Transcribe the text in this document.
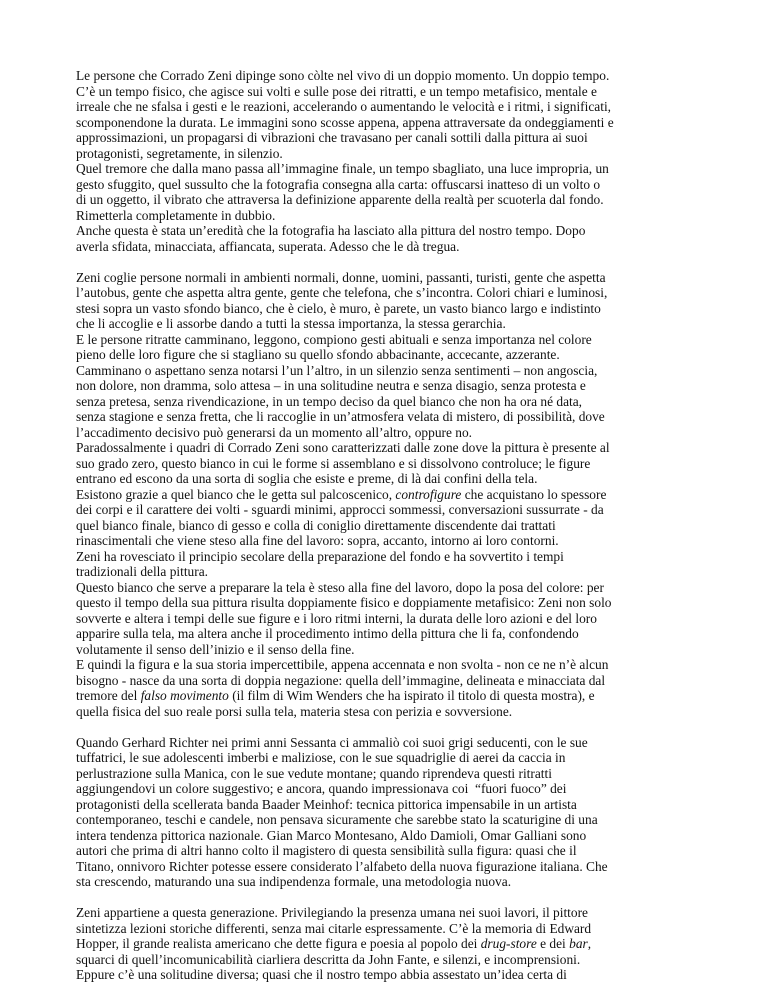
Le persone che Corrado Zeni dipinge sono còlte nel vivo di un doppio momento. Un doppio tempo.
C’è un tempo fisico, che agisce sui volti e sulle pose dei ritratti, e un tempo metafisico, mentale e
irreale che ne sfalsa i gesti e le reazioni, accelerando o aumentando le velocità e i ritmi, i significati,
scomponendone la durata. Le immagini sono scosse appena, appena attraversate da ondeggiamenti e
approssimazioni, un propagarsi di vibrazioni che travasano per canali sottili dalla pittura ai suoi
protagonisti, segretamente, in silenzio.
Quel tremore che dalla mano passa all’immagine finale, un tempo sbagliato, una luce impropria, un
gesto sfuggito, quel sussulto che la fotografia consegna alla carta: offuscarsi inatteso di un volto o
di un oggetto, il vibrato che attraversa la definizione apparente della realtà per scuoterla dal fondo.
Rimetterla completamente in dubbio.
Anche questa è stata un’eredità che la fotografia ha lasciato alla pittura del nostro tempo. Dopo
averla sfidata, minacciata, affiancata, superata. Adesso che le dà tregua.

Zeni coglie persone normali in ambienti normali, donne, uomini, passanti, turisti, gente che aspetta
l’autobus, gente che aspetta altra gente, gente che telefona, che s’incontra. Colori chiari e luminosi,
stesi sopra un vasto sfondo bianco, che è cielo, è muro, è parete, un vasto bianco largo e indistinto
che li accoglie e li assorbe dando a tutti la stessa importanza, la stessa gerarchia.
E le persone ritratte camminano, leggono, compiono gesti abituali e senza importanza nel colore
pieno delle loro figure che si stagliano su quello sfondo abbacinante, accecante, azzerante.
Camminano o aspettano senza notarsi l’un l’altro, in un silenzio senza sentimenti – non angoscia,
non dolore, non dramma, solo attesa – in una solitudine neutra e senza disagio, senza protesta e
senza pretesa, senza rivendicazione, in un tempo deciso da quel bianco che non ha ora né data,
senza stagione e senza fretta, che li raccoglie in un’atmosfera velata di mistero, di possibilità, dove
l’accadimento decisivo può generarsi da un momento all’altro, oppure no.
Paradossalmente i quadri di Corrado Zeni sono caratterizzati dalle zone dove la pittura è presente al
suo grado zero, questo bianco in cui le forme si assemblano e si dissolvono controluce; le figure
entrano ed escono da una sorta di soglia che esiste e preme, di là dai confini della tela.
Esistono grazie a quel bianco che le getta sul palcoscenico, controfigure che acquistano lo spessore
dei corpi e il carattere dei volti - sguardi minimi, approcci sommessi, conversazioni sussurrate - da
quel bianco finale, bianco di gesso e colla di coniglio direttamente discendente dai trattati
rinascimentali che viene steso alla fine del lavoro: sopra, accanto, intorno ai loro contorni.
Zeni ha rovesciato il principio secolare della preparazione del fondo e ha sovvertito i tempi
tradizionali della pittura.
Questo bianco che serve a preparare la tela è steso alla fine del lavoro, dopo la posa del colore: per
questo il tempo della sua pittura risulta doppiamente fisico e doppiamente metafisico: Zeni non solo
sovverte e altera i tempi delle sue figure e i loro ritmi interni, la durata delle loro azioni e del loro
apparire sulla tela, ma altera anche il procedimento intimo della pittura che li fa, confondendo
volutamente il senso dell’inizio e il senso della fine.
E quindi la figura e la sua storia impercettibile, appena accennata e non svolta - non ce ne n’è alcun
bisogno - nasce da una sorta di doppia negazione: quella dell’immagine, delineata e minacciata dal
tremore del falso movimento (il film di Wim Wenders che ha ispirato il titolo di questa mostra), e
quella fisica del suo reale porsi sulla tela, materia stesa con perizia e sovversione.

Quando Gerhard Richter nei primi anni Sessanta ci ammaliò coi suoi grigi seducenti, con le sue
tuffatrici, le sue adolescenti imberbi e maliziose, con le sue squadriglie di aerei da caccia in
perlustrazione sulla Manica, con le sue vedute montane; quando riprendeva questi ritratti
aggiungendovi un colore suggestivo; e ancora, quando impressionava coi  “fuori fuoco” dei
protagonisti della scellerata banda Baader Meinhof: tecnica pittorica impensabile in un artista
contemporaneo, teschi e candele, non pensava sicuramente che sarebbe stato la scaturigine di una
intera tendenza pittorica nazionale. Gian Marco Montesano, Aldo Damioli, Omar Galliani sono
autori che prima di altri hanno colto il magistero di questa sensibilità sulla figura: quasi che il
Titano, onnivoro Richter potesse essere considerato l’alfabeto della nuova figurazione italiana. Che
sta crescendo, maturando una sua indipendenza formale, una metodologia nuova.

Zeni appartiene a questa generazione. Privilegiando la presenza umana nei suoi lavori, il pittore
sintetizza lezioni storiche differenti, senza mai citarle espressamente. C’è la memoria di Edward
Hopper, il grande realista americano che dette figura e poesia al popolo dei drug-store e dei bar,
squarci di quell’incomunicabilità ciarliera descritta da John Fante, e silenzi, e incomprensioni.
Eppure c’è una solitudine diversa; quasi che il nostro tempo abbia assestato un’idea certa di
